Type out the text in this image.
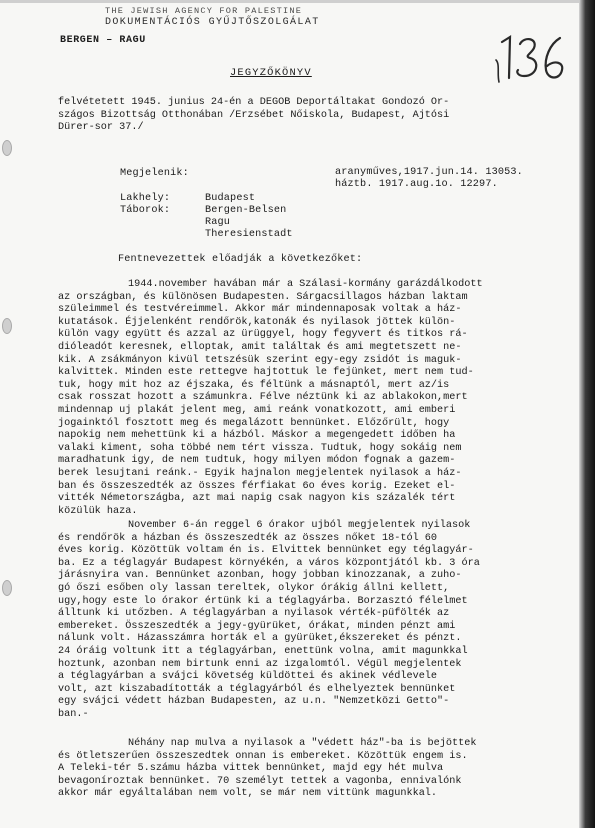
THE JEWISH AGENCY FOR PALESTINE
DOKUMENTÁCIÓS GYŰJTŐSZOLGÁLAT
BERGEN – RAGU
JEGYZŐKÖNYV
felvétetett 1945. junius 24-én a DEGOB Deportáltakat Gondozó Or-
szágos Bizottság Otthonában /Erzsébet Nőiskola, Budapest, Ajtósi
Dürer-sor 37./
Megjelenik:	aranyműves,1917.jun.14. 13053.
háztb. 1917.aug.1o. 12297.
Lakhely:	Budapest
Táborok:	Bergen-Belsen
Ragu
Theresienstadt
Fentnevezettek előadják a következőket:
1944.november havában már a Szálasi-kormány garázdálkodott
az országban, és különösen Budapesten. Sárgacsillagos házban laktam
szüleimmel és testvéreimmel. Akkor már mindennaposak voltak a ház-
kutatások. Éjjelenként rendőrök,katonák és nyilasok jöttek külön-
külön vagy együtt és azzal az ürüggyel, hogy fegyvert és titkos rá-
dióleadót keresnek, elloptak, amit találtak és ami megtetszett ne-
kik. A zsákmányon kivül tetszésük szerint egy-egy zsidót is maguk-
kalvittek. Minden este rettegve hajtottuk le fejünket, mert nem tud-
tuk, hogy mit hoz az éjszaka, és féltünk a másnaptól, mert az/is
csak rosszat hozott a számunkra. Félve néztünk ki az ablakokon,mert
mindennap uj plakát jelent meg, ami reánk vonatkozott, ami emberi
jogainktól fosztott meg és megalázott bennünket. Előzőrült, hogy
napokig nem mehettünk ki a házból. Máskor a megengedett időben ha
valaki kiment, soha többé nem tért vissza. Tudtuk, hogy sokáig nem
maradhatunk igy, de nem tudtuk, hogy milyen módon fognak a gazem-
berek lesujtani reánk.- Egyik hajnalon megjelentek nyilasok a ház-
ban és összeszedték az összes férfiakat 6o éves korig. Ezeket el-
vitték Németországba, azt mai napig csak nagyon kis százalék tért
közülük haza.
November 6-án reggel 6 órakor ujból megjelentek nyilasok
és rendőrök a házban és összeszedték az összes nőket 18-tól 60
éves korig. Közöttük voltam én is. Elvittek bennünket egy téglagyár-
ba. Ez a téglagyár Budapest környékén, a város központjától kb. 3 óra
járásnyira van. Bennünket azonban, hogy jobban kinozzanak, a zuho-
gó őszi esőben oly lassan tereltek, olykor órákig állni kellett,
ugy,hogy este lo órakor értünk ki a téglagyárba. Borzasztó félelmet
álltunk ki utőzben. A téglagyárban a nyilasok vérték-püfölték az
embereket. Összeszedték a jegy-gyürüket, órákat, minden pénzt ami
nálunk volt. Házasszámra horták el a gyürüket,ékszereket és pénzt.
24 óráig voltunk itt a téglagyárban, enettünk volna, amit magunkkal
hoztunk, azonban nem birtunk enni az izgalomtól. Végül megjelentek
a téglagyárban a svájci követség küldöttei és akinek védlevele
volt, azt kiszabadították a téglagyárból és elhelyeztek bennünket
egy svájci védett házban Budapesten, az u.n. "Nemzetközi Getto"-
ban.-
Néhány nap mulva a nyilasok a "védett ház"-ba is bejöttek
és ötletszerűen összeszedtek onnan is embereket. Közöttük engem is.
A Teleki-tér 5.számu házba vittek bennünket, majd egy hét mulva
bevagoníroztak bennünket. 70 személyt tettek a vagonba, ennivalónk
akkor már egyáltalában nem volt, se már nem vittünk magunkkal.
